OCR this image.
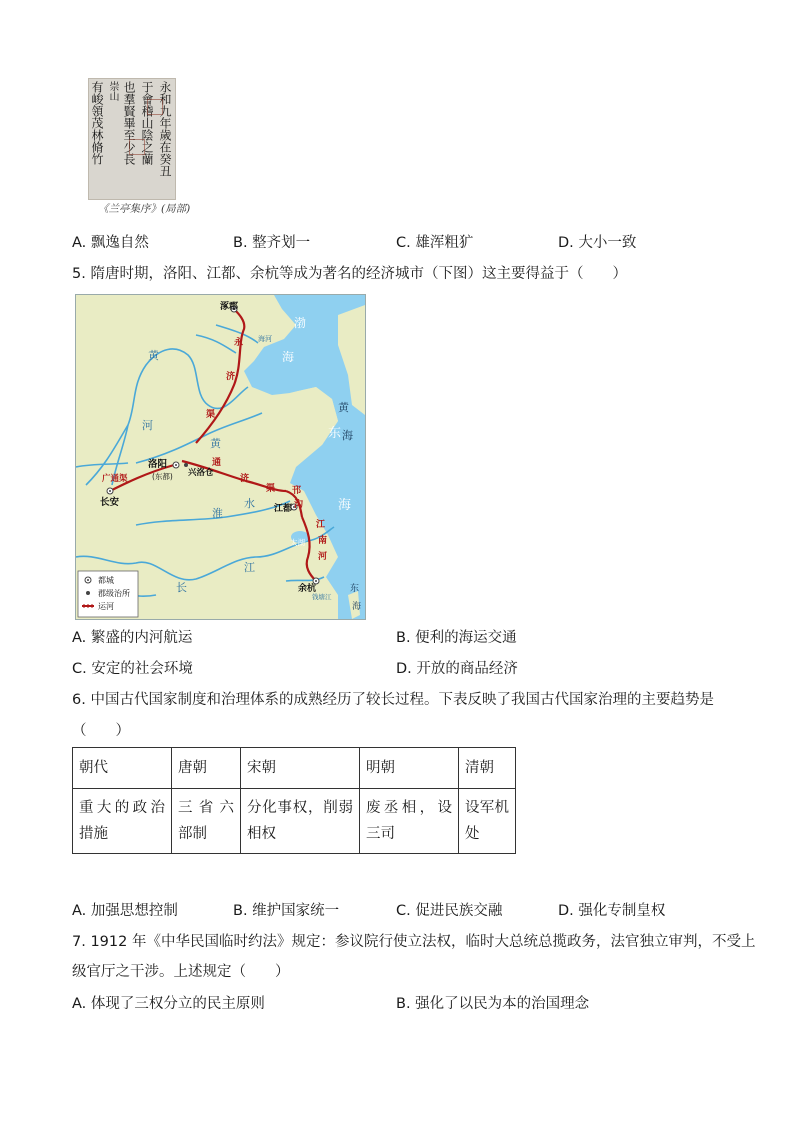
永和九年歲在癸丑
于會稽山陰之蘭
也羣賢畢至少長
崇山
有峻領茂林脩竹
《兰亭集序》(局部)
A. 飘逸自然	B. 整齐划一	C. 雄浑粗犷	D. 大小一致
5. 隋唐时期，洛阳、江都、余杭等成为著名的经济城市（下图）这主要得益于（　　）
涿郡
洛阳
(东都) 兴洛仓
长安
江都
余杭
钱塘江
太湖
海河
永
济
渠
通
济
渠 邗
沟
江
南
河
广通渠
黄
河
渤
海
黄
海
东
海
东
海
黄
淮
水
长
江
都城
郡级治所
运河
A. 繁盛的内河航运	B. 便利的海运交通
C. 安定的社会环境	D. 开放的商品经济
6. 中国古代国家制度和治理体系的成熟经历了较长过程。下表反映了我国古代国家治理的主要趋势是
（　　）
朝代	唐朝	宋朝	明朝	清朝
重大的政治措施	三省六部制	分化事权，削弱相权	废丞相，设三司	设军机处
A. 加强思想控制	B. 维护国家统一	C. 促进民族交融	D. 强化专制皇权
7. 1912 年《中华民国临时约法》规定：参议院行使立法权，临时大总统总揽政务，法官独立审判，不受上
级官厅之干涉。上述规定（　　）
A. 体现了三权分立的民主原则	B. 强化了以民为本的治国理念
